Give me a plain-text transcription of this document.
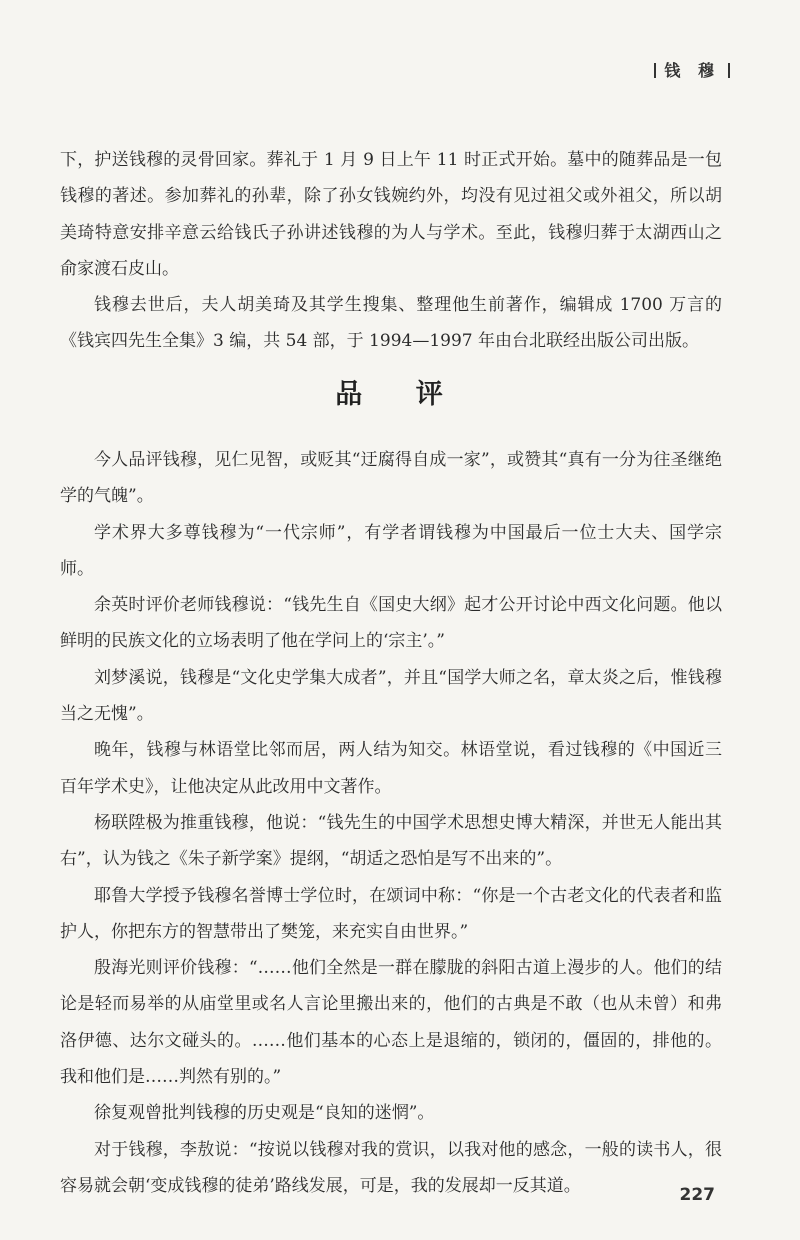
钱 穆

下，护送钱穆的灵骨回家。葬礼于 1 月 9 日上午 11 时正式开始。墓中的随葬品是一包钱穆的著述。参加葬礼的孙辈，除了孙女钱婉约外，均没有见过祖父或外祖父，所以胡美琦特意安排辛意云给钱氏子孙讲述钱穆的为人与学术。至此，钱穆归葬于太湖西山之俞家渡石皮山。

钱穆去世后，夫人胡美琦及其学生搜集、整理他生前著作，编辑成 1700 万言的《钱宾四先生全集》3 编，共 54 部，于 1994—1997 年由台北联经出版公司出版。

品 评

今人品评钱穆，见仁见智，或贬其“迂腐得自成一家”，或赞其“真有一分为往圣继绝学的气魄”。

学术界大多尊钱穆为“一代宗师”，有学者谓钱穆为中国最后一位士大夫、国学宗师。

余英时评价老师钱穆说：“钱先生自《国史大纲》起才公开讨论中西文化问题。他以鲜明的民族文化的立场表明了他在学问上的‘宗主’。”

刘梦溪说，钱穆是“文化史学集大成者”，并且“国学大师之名，章太炎之后，惟钱穆当之无愧”。

晚年，钱穆与林语堂比邻而居，两人结为知交。林语堂说，看过钱穆的《中国近三百年学术史》，让他决定从此改用中文著作。

杨联陞极为推重钱穆，他说：“钱先生的中国学术思想史博大精深，并世无人能出其右”，认为钱之《朱子新学案》提纲，“胡适之恐怕是写不出来的”。

耶鲁大学授予钱穆名誉博士学位时，在颂词中称：“你是一个古老文化的代表者和监护人，你把东方的智慧带出了樊笼，来充实自由世界。”

殷海光则评价钱穆：“……他们全然是一群在朦胧的斜阳古道上漫步的人。他们的结论是轻而易举的从庙堂里或名人言论里搬出来的，他们的古典是不敢（也从未曾）和弗洛伊德、达尔文碰头的。……他们基本的心态上是退缩的，锁闭的，僵固的，排他的。我和他们是……判然有别的。”

徐复观曾批判钱穆的历史观是“良知的迷惘”。

对于钱穆，李敖说：“按说以钱穆对我的赏识，以我对他的感念，一般的读书人，很容易就会朝‘变成钱穆的徒弟’路线发展，可是，我的发展却一反其道。	227
